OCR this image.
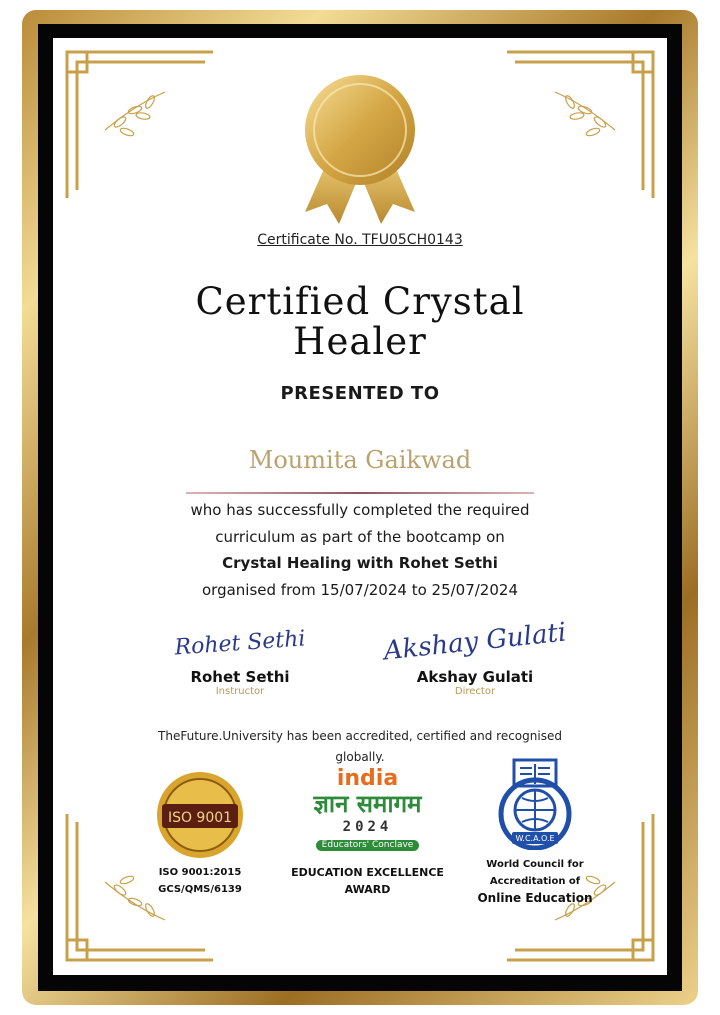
Certificate No. TFU05CH0143

Certified Crystal
Healer

PRESENTED TO

Moumita Gaikwad

who has successfully completed the required

curriculum as part of the bootcamp on

Crystal Healing with Rohet Sethi

organised from 15/07/2024 to 25/07/2024

Rohet Sethi
Rohet Sethi
Instructor
Akshay Gulati
Akshay Gulati
Director

TheFuture.University has been accredited, certified and recognised
globally.

ISO 9001
ISO 9001:2015
GCS/QMS/6139
india
ज्ञान समागम
2024
Educators' Conclave
EDUCATION EXCELLENCE
AWARD
W.C.A.O.E
World Council for
Accreditation of
Online Education
